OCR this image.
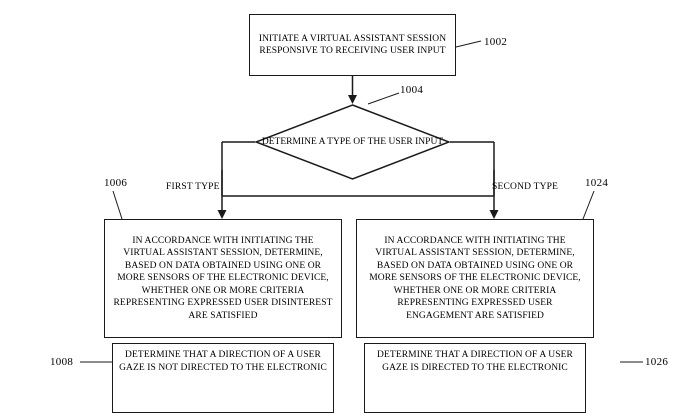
INITIATE A VIRTUAL ASSISTANT SESSION RESPONSIVE TO RECEIVING USER INPUT
DETERMINE A TYPE OF THE USER INPUT
IN ACCORDANCE WITH INITIATING THE VIRTUAL ASSISTANT SESSION, DETERMINE, BASED ON DATA OBTAINED USING ONE OR MORE SENSORS OF THE ELECTRONIC DEVICE, WHETHER ONE OR MORE CRITERIA REPRESENTING EXPRESSED USER DISINTEREST ARE SATISFIED
IN ACCORDANCE WITH INITIATING THE VIRTUAL ASSISTANT SESSION, DETERMINE, BASED ON DATA OBTAINED USING ONE OR MORE SENSORS OF THE ELECTRONIC DEVICE, WHETHER ONE OR MORE CRITERIA REPRESENTING EXPRESSED USER ENGAGEMENT ARE SATISFIED
DETERMINE THAT A DIRECTION OF A USER GAZE IS NOT DIRECTED TO THE ELECTRONIC
DETERMINE THAT A DIRECTION OF A USER GAZE IS DIRECTED TO THE ELECTRONIC
1002
1004
1006	1024
1008	1026
FIRST TYPE	SECOND TYPE
